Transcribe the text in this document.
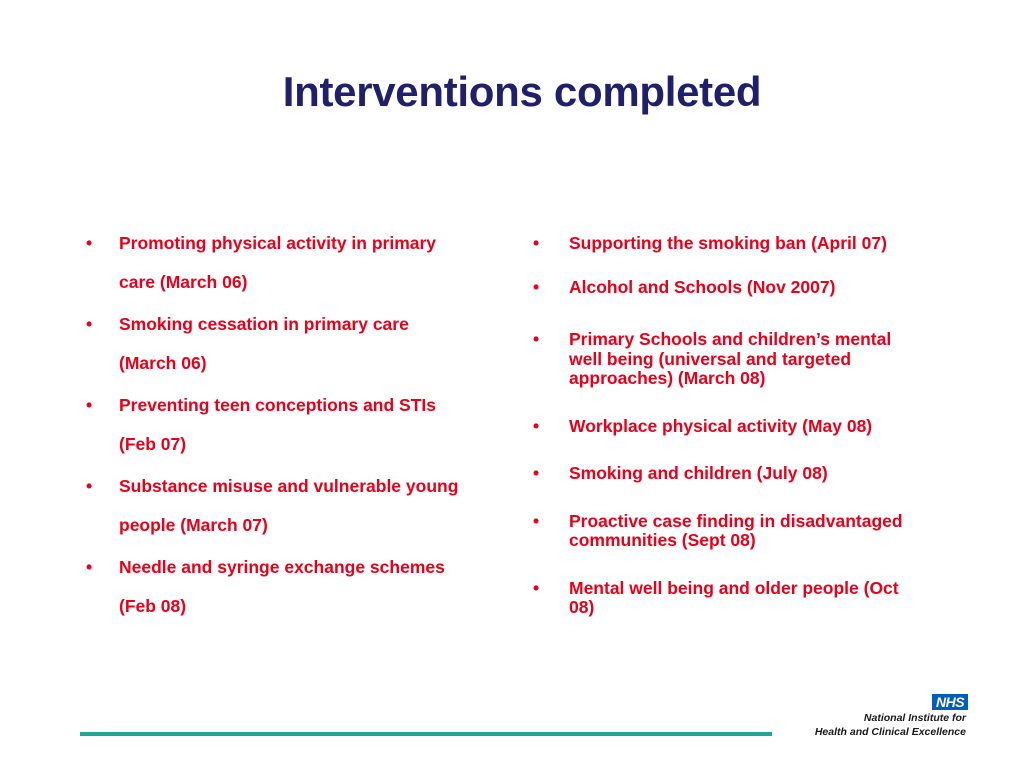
Interventions completed
• Promoting physical activity in primary
care (March 06)
• Smoking cessation in primary care
(March 06)
• Preventing teen conceptions and STIs
(Feb 07)
• Substance misuse and vulnerable young
people (March 07)
• Needle and syringe exchange schemes
(Feb 08)
• Supporting the smoking ban (April 07)
• Alcohol and Schools (Nov 2007)
• Primary Schools and children’s mental
well being (universal and targeted
approaches) (March 08)
• Workplace physical activity (May 08)
• Smoking and children (July 08)
• Proactive case finding in disadvantaged
communities (Sept 08)
• Mental well being and older people (Oct
08)
NHS
National Institute for
Health and Clinical Excellence
